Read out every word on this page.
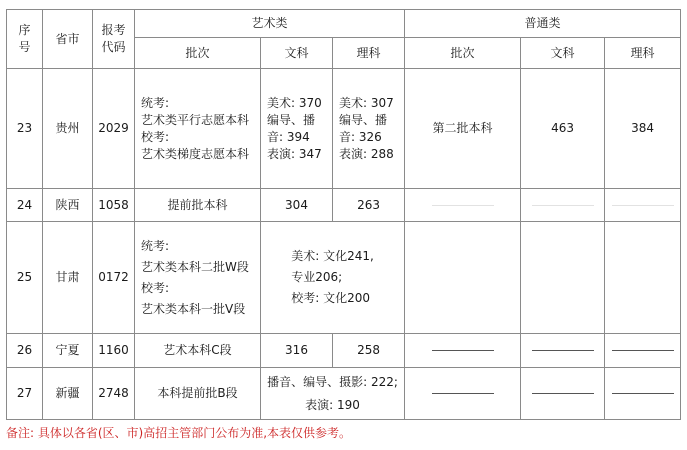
序
号	省市	报考
代码	艺术类			普通类		
			批次	文科	理科	批次	文科	理科
23	贵州	2029	统考:
艺术类平行志愿本科
校考:
艺术类梯度志愿本科	美术: 370
编导、播
音: 394
表演: 347	美术: 307
编导、播
音: 326
表演: 288	第二批本科	463	384
24	陕西	1058	提前批本科	304	263			
25	甘肃	0172	统考:
艺术类本科二批W段
校考:
艺术类本科一批V段	美术: 文化241,
专业206;
校考: 文化200				

26	宁夏	1160	艺术本科C段	316	258			
27	新疆	2748	本科提前批B段	播音、编导、摄影: 222;
表演: 190				

备注: 具体以各省(区、市)高招主管部门公布为准,本表仅供参考。
